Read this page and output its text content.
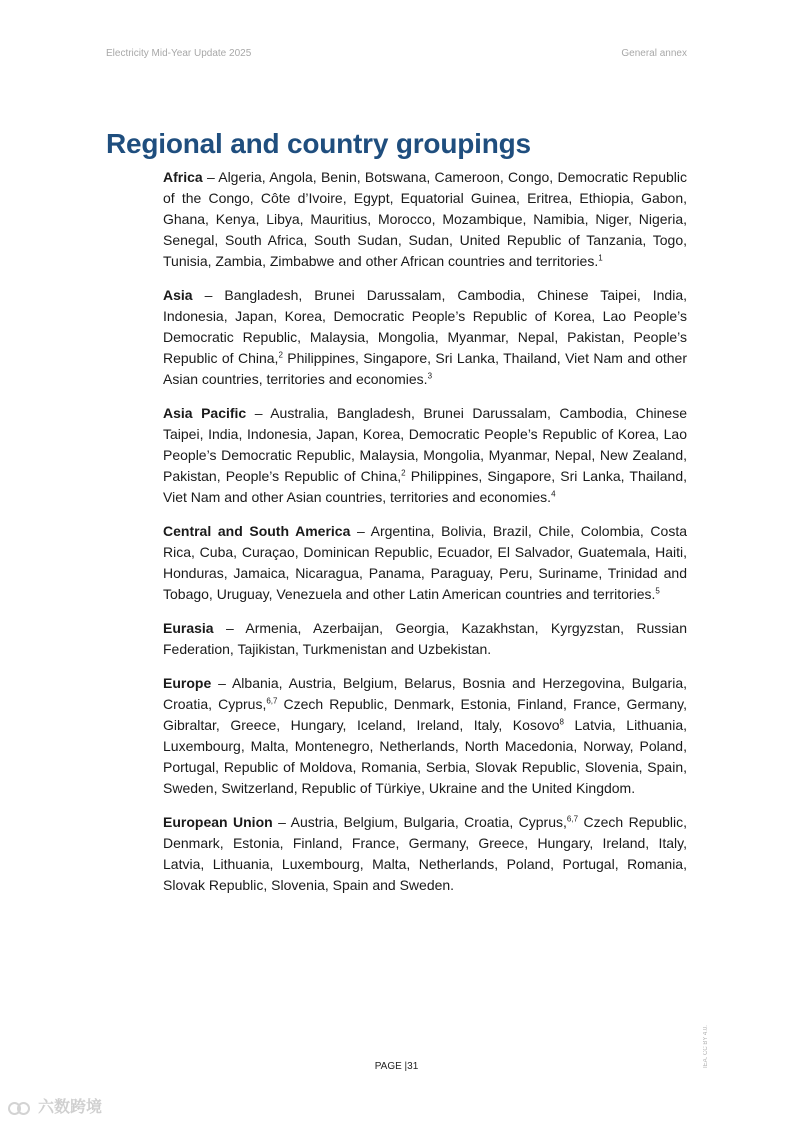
Electricity Mid-Year Update 2025	General annex
Regional and country groupings

Africa – Algeria, Angola, Benin, Botswana, Cameroon, Congo, Democratic Republic of the Congo, Côte d’Ivoire, Egypt, Equatorial Guinea, Eritrea, Ethiopia, Gabon, Ghana, Kenya, Libya, Mauritius, Morocco, Mozambique, Namibia, Niger, Nigeria, Senegal, South Africa, South Sudan, Sudan, United Republic of Tanzania, Togo, Tunisia, Zambia, Zimbabwe and other African countries and territories.$^1$

Asia – Bangladesh, Brunei Darussalam, Cambodia, Chinese Taipei, India, Indonesia, Japan, Korea, Democratic People’s Republic of Korea, Lao People’s Democratic Republic, Malaysia, Mongolia, Myanmar, Nepal, Pakistan, People’s Republic of China,$^2$ Philippines, Singapore, Sri Lanka, Thailand, Viet Nam and other Asian countries, territories and economies.$^3$

Asia Pacific – Australia, Bangladesh, Brunei Darussalam, Cambodia, Chinese Taipei, India, Indonesia, Japan, Korea, Democratic People’s Republic of Korea, Lao People’s Democratic Republic, Malaysia, Mongolia, Myanmar, Nepal, New Zealand, Pakistan, People’s Republic of China,$^2$ Philippines, Singapore, Sri Lanka, Thailand, Viet Nam and other Asian countries, territories and economies.$^4$

Central and South America – Argentina, Bolivia, Brazil, Chile, Colombia, Costa Rica, Cuba, Curaçao, Dominican Republic, Ecuador, El Salvador, Guatemala, Haiti, Honduras, Jamaica, Nicaragua, Panama, Paraguay, Peru, Suriname, Trinidad and Tobago, Uruguay, Venezuela and other Latin American countries and territories.$^5$

Eurasia – Armenia, Azerbaijan, Georgia, Kazakhstan, Kyrgyzstan, Russian Federation, Tajikistan, Turkmenistan and Uzbekistan.

Europe – Albania, Austria, Belgium, Belarus, Bosnia and Herzegovina, Bulgaria, Croatia, Cyprus,$^{6,7}$ Czech Republic, Denmark, Estonia, Finland, France, Germany, Gibraltar, Greece, Hungary, Iceland, Ireland, Italy, Kosovo$^8$ Latvia, Lithuania, Luxembourg, Malta, Montenegro, Netherlands, North Macedonia, Norway, Poland, Portugal, Republic of Moldova, Romania, Serbia, Slovak Republic, Slovenia, Spain, Sweden, Switzerland, Republic of Türkiye, Ukraine and the United Kingdom.

European Union – Austria, Belgium, Bulgaria, Croatia, Cyprus,$^{6,7}$ Czech Republic, Denmark, Estonia, Finland, France, Germany, Greece, Hungary, Ireland, Italy, Latvia, Lithuania, Luxembourg, Malta, Netherlands, Poland, Portugal, Romania, Slovak Republic, Slovenia, Spain and Sweden.

PAGE |31	IEA. CC BY 4.0.
六数跨境
